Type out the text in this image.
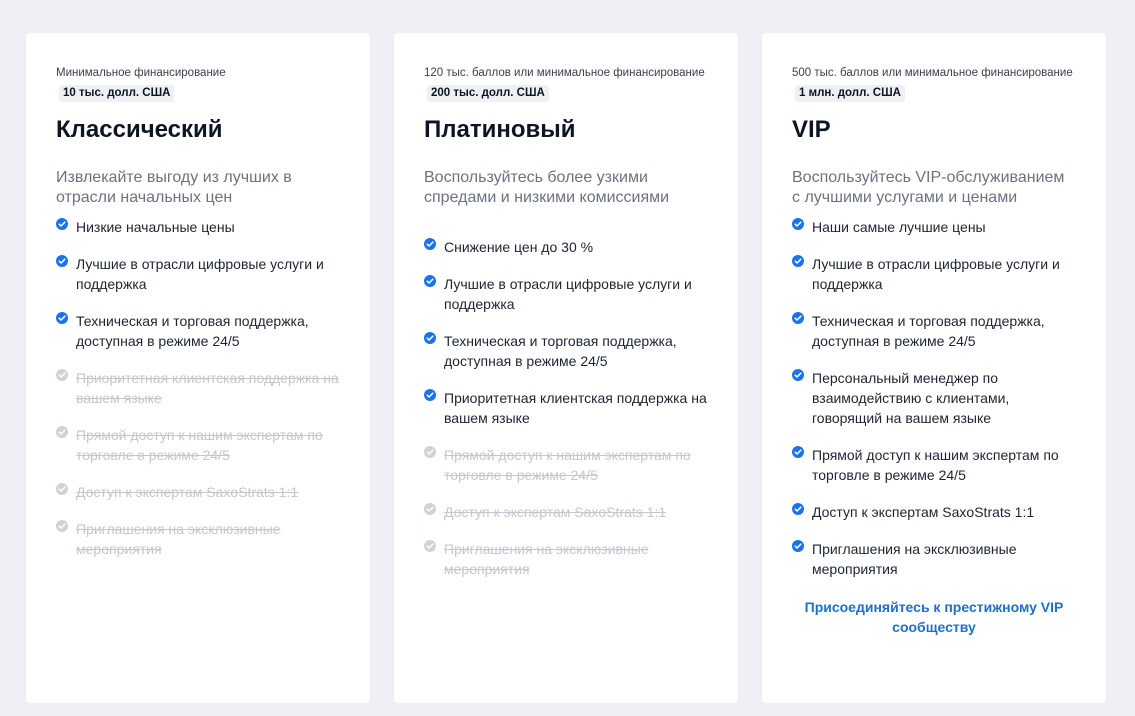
Минимальное финансирование 10 тыс. долл. США
Классический
Извлекайте выгоду из лучших в отрасли начальных цен
Низкие начальные цены
Лучшие в отрасли цифровые услуги и поддержка
Техническая и торговая поддержка, доступная в режиме 24/5
Приоритетная клиентская поддержка на вашем языке
Прямой доступ к нашим экспертам по торговле в режиме 24/5
Доступ к экспертам SaxoStrats 1:1
Приглашения на эксклюзивные мероприятия
120 тыс. баллов или минимальное финансирование 200 тыс. долл. США
Платиновый
Воспользуйтесь более узкими спредами и низкими комиссиями
Снижение цен до 30 %
Лучшие в отрасли цифровые услуги и поддержка
Техническая и торговая поддержка, доступная в режиме 24/5
Приоритетная клиентская поддержка на вашем языке
Прямой доступ к нашим экспертам по торговле в режиме 24/5
Доступ к экспертам SaxoStrats 1:1
Приглашения на эксклюзивные мероприятия
500 тыс. баллов или минимальное финансирование 1 млн. долл. США
VIP
Воспользуйтесь VIP-обслуживанием с лучшими услугами и ценами
Наши самые лучшие цены
Лучшие в отрасли цифровые услуги и поддержка
Техническая и торговая поддержка, доступная в режиме 24/5
Персональный менеджер по взаимодействию с клиентами, говорящий на вашем языке
Прямой доступ к нашим экспертам по торговле в режиме 24/5
Доступ к экспертам SaxoStrats 1:1
Приглашения на эксклюзивные мероприятия
Присоединяйтесь к престижному VIP сообществу
